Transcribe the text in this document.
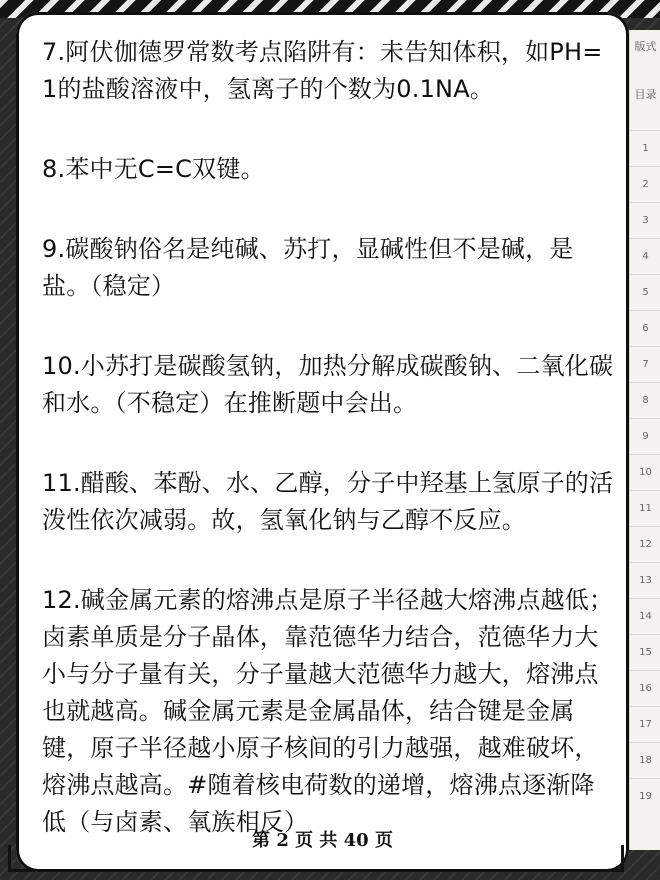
7.阿伏伽德罗常数考点陷阱有：未告知体积，如PH=1的盐酸溶液中，氢离子的个数为0.1NA。

8.苯中无C=C双键。

9.碳酸钠俗名是纯碱、苏打，显碱性但不是碱，是盐。（稳定）

10.小苏打是碳酸氢钠，加热分解成碳酸钠、二氧化碳和水。（不稳定）在推断题中会出。

11.醋酸、苯酚、水、乙醇，分子中羟基上氢原子的活泼性依次减弱。故，氢氧化钠与乙醇不反应。

12.碱金属元素的熔沸点是原子半径越大熔沸点越低；卤素单质是分子晶体，靠范德华力结合，范德华力大小与分子量有关，分子量越大范德华力越大，熔沸点也就越高。碱金属元素是金属晶体，结合键是金属键，原子半径越小原子核间的引力越强，越难破坏，熔沸点越高。#随着核电荷数的递增，熔沸点逐渐降低（与卤素、氧族相反）

第 2 页 共 40 页
版式
目录
1
2
3
4
5
6
7
8
9
10
11
12
13
14
15
16
17
18
19
